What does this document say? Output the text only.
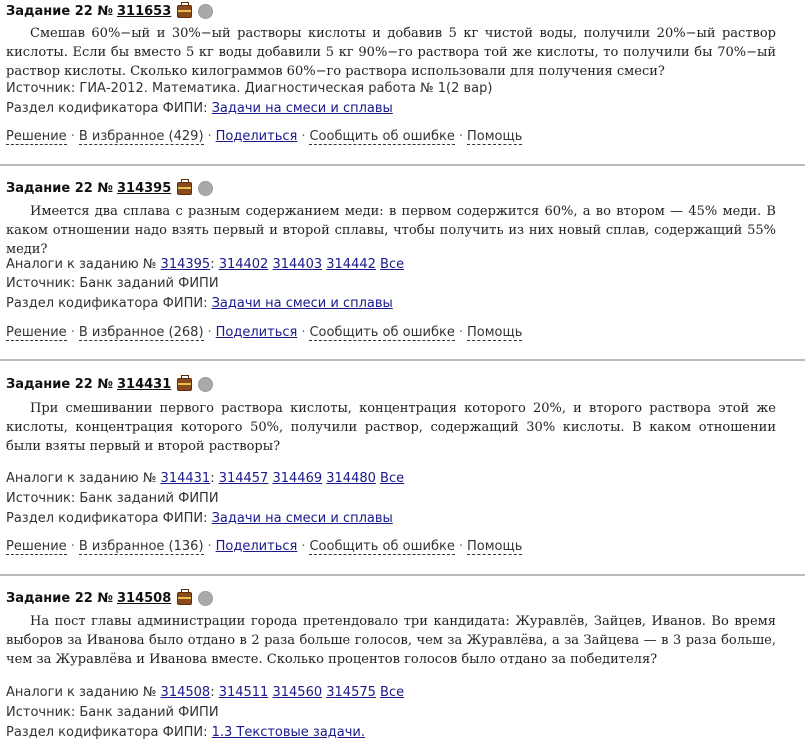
Задание 22 № 311653
Смешав 60%−ый и 30%−ый растворы кислоты и добавив 5 кг чистой воды, получили 20%−ый раствор кислоты. Если бы вместо 5 кг воды добавили 5 кг 90%−го раствора той же кислоты, то получили бы 70%−ый раствор кислоты. Сколько килограммов 60%−го раствора использовали для получения смеси?
Источник: ГИА-2012. Математика. Диагностическая работа № 1(2 вар)
Раздел кодификатора ФИПИ: Задачи на смеси и сплавы
Решение · В избранное (429) · Поделиться · Сообщить об ошибке · Помощь
Задание 22 № 314395
Имеется два сплава с разным содержанием меди: в первом содержится 60%, а во втором — 45% меди. В каком отношении надо взять первый и второй сплавы, чтобы получить из них новый сплав, содержащий 55% меди?
Аналоги к заданию № 314395: 314402 314403 314442 Все
Источник: Банк заданий ФИПИ
Раздел кодификатора ФИПИ: Задачи на смеси и сплавы
Решение · В избранное (268) · Поделиться · Сообщить об ошибке · Помощь
Задание 22 № 314431
При смешивании первого раствора кислоты, концентрация которого 20%, и второго раствора этой же кислоты, концентрация которого 50%, получили раствор, содержащий 30% кислоты. В каком отношении были взяты первый и второй растворы?
Аналоги к заданию № 314431: 314457 314469 314480 Все
Источник: Банк заданий ФИПИ
Раздел кодификатора ФИПИ: Задачи на смеси и сплавы
Решение · В избранное (136) · Поделиться · Сообщить об ошибке · Помощь
Задание 22 № 314508
На пост главы администрации города претендовало три кандидата: Журавлёв, Зайцев, Иванов. Во время выборов за Иванова было отдано в 2 раза больше голосов, чем за Журавлёва, а за Зайцева — в 3 раза больше, чем за Журавлёва и Иванова вместе. Сколько процентов голосов было отдано за победителя?
Аналоги к заданию № 314508: 314511 314560 314575 Все
Источник: Банк заданий ФИПИ
Раздел кодификатора ФИПИ: 1.3 Текстовые задачи.
